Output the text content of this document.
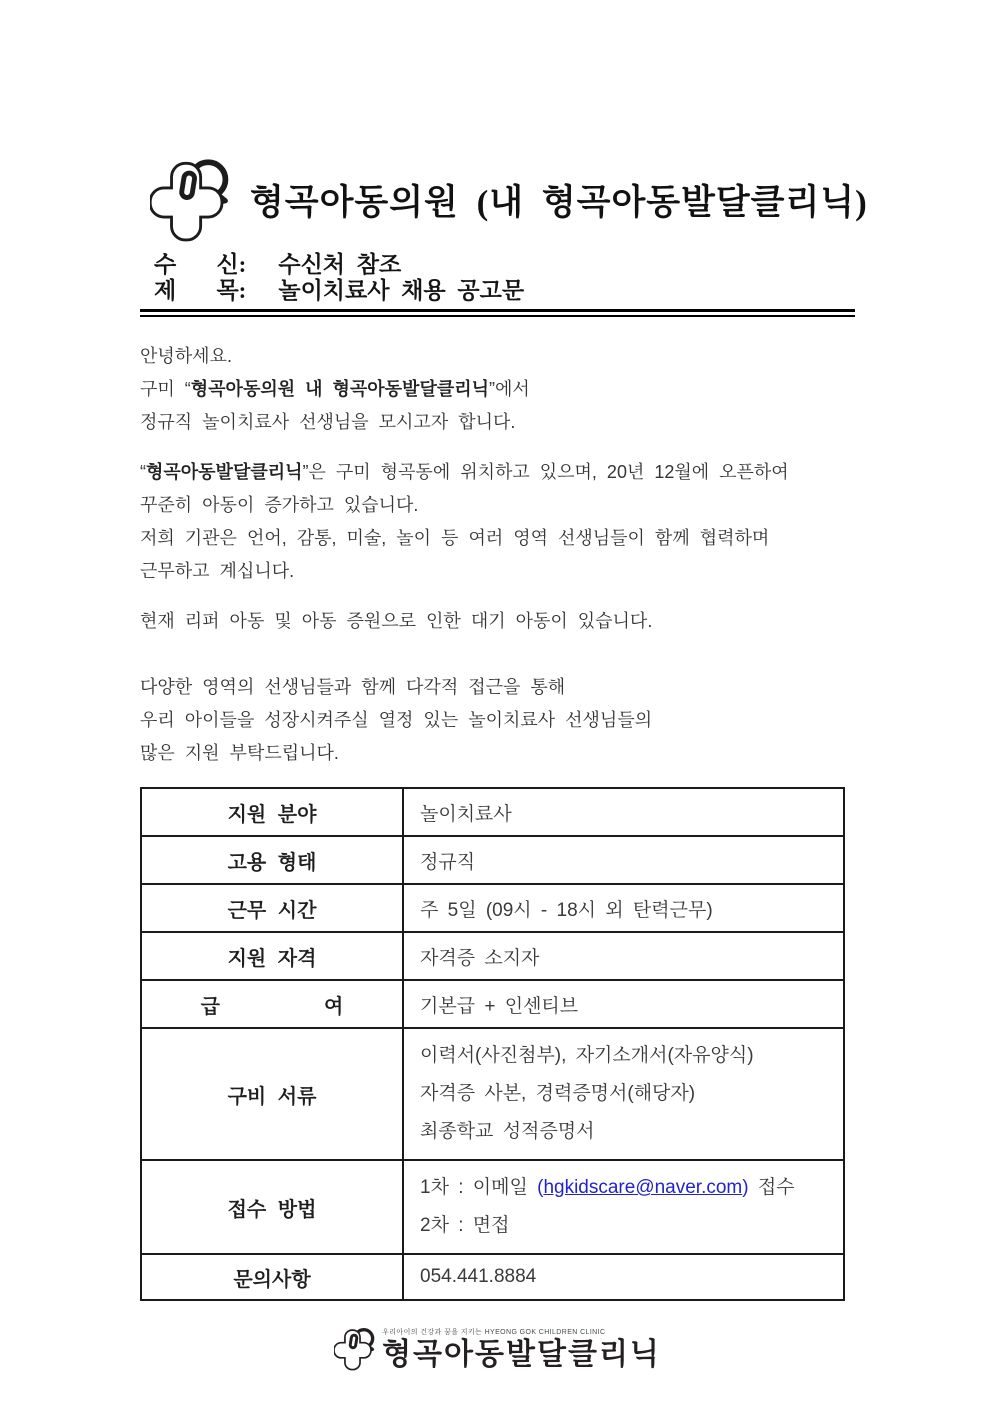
형곡아동의원 (내 형곡아동발달클리닉)
수       신: 수신처 참조
제       목: 놀이치료사 채용 공고문

안녕하세요.
구미 “형곡아동의원 내 형곡아동발달클리닉”에서
정규직 놀이치료사 선생님을 모시고자 합니다.

“형곡아동발달클리닉”은 구미 형곡동에 위치하고 있으며, 20년 12월에 오픈하여
꾸준히 아동이 증가하고 있습니다.
저희 기관은 언어, 감통, 미술, 놀이 등 여러 영역 선생님들이 함께 협력하며
근무하고 계십니다.

현재 리퍼 아동 및 아동 증원으로 인한 대기 아동이 있습니다.

다양한 영역의 선생님들과 함께 다각적 접근을 통해
우리 아이들을 성장시켜주실 열정 있는 놀이치료사 선생님들의
많은 지원 부탁드립니다.

지원 분야	놀이치료사
고용 형태	정규직
근무 시간	주 5일 (09시 - 18시 외 탄력근무)
지원 자격	자격증 소지자
급         여	기본급 + 인센티브
구비 서류	이력서(사진첨부), 자기소개서(자유양식)
자격증 사본, 경력증명서(해당자)
최종학교 성적증명서

접수 방법	1차 : 이메일 (hgkidscare@naver.com) 접수
2차 : 면접

문의사항	054.441.8884
우리아이의 건강과 꿈을 지키는 HYEONG GOK CHILDREN CLINIC
형곡아동발달클리닉
